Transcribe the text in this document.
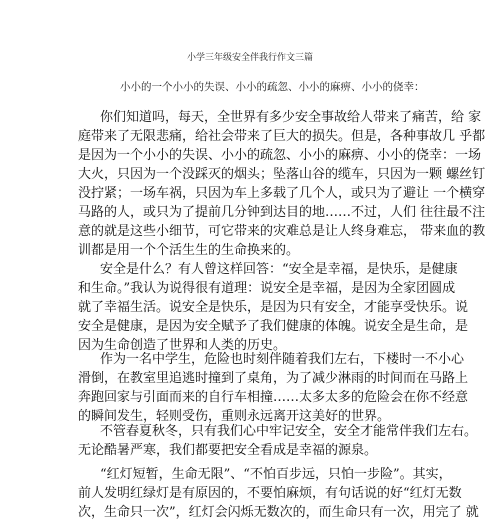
小学三年级安全伴我行作文三篇
小小的一个小小的失误、小小的疏忽、小小的麻痹、小小的侥幸：
你们知道吗，每天，全世界有多少安全事故给人带来了痛苦，给 家
庭带来了无限悲痛，给社会带来了巨大的损失。但是，各种事故几 乎都
是因为一个小小的失误、小小的疏忽、小小的麻痹、小小的侥幸：一场
大火，只因为一个没踩灭的烟头；坠落山谷的缆车，只因为一颗 螺丝钉
没拧紧；一场车祸，只因为车上多载了几个人，或只为了避让 一个横穿
马路的人，或只为了提前几分钟到达目的地……不过，人们 往往最不注
意的就是这些小细节，可它带来的灾难总是让人终身难忘， 带来血的教
训都是用一个个活生生的生命换来的。
安全是什么？有人曾这样回答：“安全是幸福，是快乐，是健康
和生命。”我认为说得很有道理：说安全是幸福，是因为全家团圆成
就了幸福生活。说安全是快乐，是因为只有安全，才能享受快乐。说
安全是健康，是因为安全赋予了我们健康的体魄。说安全是生命，是
因为生命创造了世界和人类的历史。
作为一名中学生，危险也时刻伴随着我们左右，下楼时一不小心
滑倒，在教室里追逃时撞到了桌角，为了减少淋雨的时间而在马路上
奔跑回家与引面而来的自行车相撞……太多太多的危险会在你不经意
的瞬间发生，轻则受伤，重则永远离开这美好的世界。
不管春夏秋冬，只有我们心中牢记安全，安全才能常伴我们左右。
无论酷暑严寒，我们都要把安全看成是幸福的源泉。
“红灯短暂，生命无限”、“不怕百步远，只怕一步险”。其实，
前人发明红绿灯是有原因的，不要怕麻烦，有句话说的好“红灯无数
次，生命只一次”，红灯会闪烁无数次的，而生命只有一次，用完了 就
